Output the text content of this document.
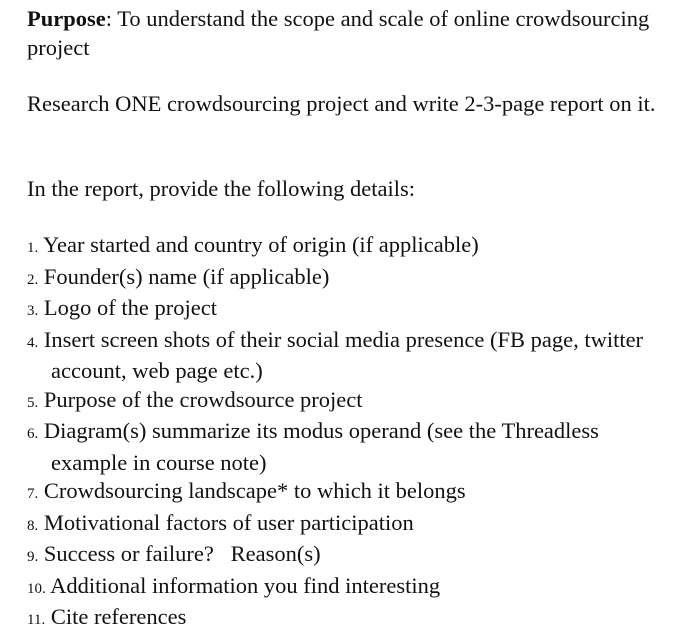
Purpose: To understand the scope and scale of online crowdsourcing project

Research ONE crowdsourcing project and write 2-3-page report on it.

In the report, provide the following details:

1. Year started and country of origin (if applicable)
2. Founder(s) name (if applicable)
3. Logo of the project
4. Insert screen shots of their social media presence (FB page, twitter account, web page etc.)
5. Purpose of the crowdsource project
6. Diagram(s) summarize its modus operand (see the Threadless example in course note)
7. Crowdsourcing landscape* to which it belongs
8. Motivational factors of user participation
9. Success or failure?   Reason(s)
10. Additional information you find interesting
11. Cite references
